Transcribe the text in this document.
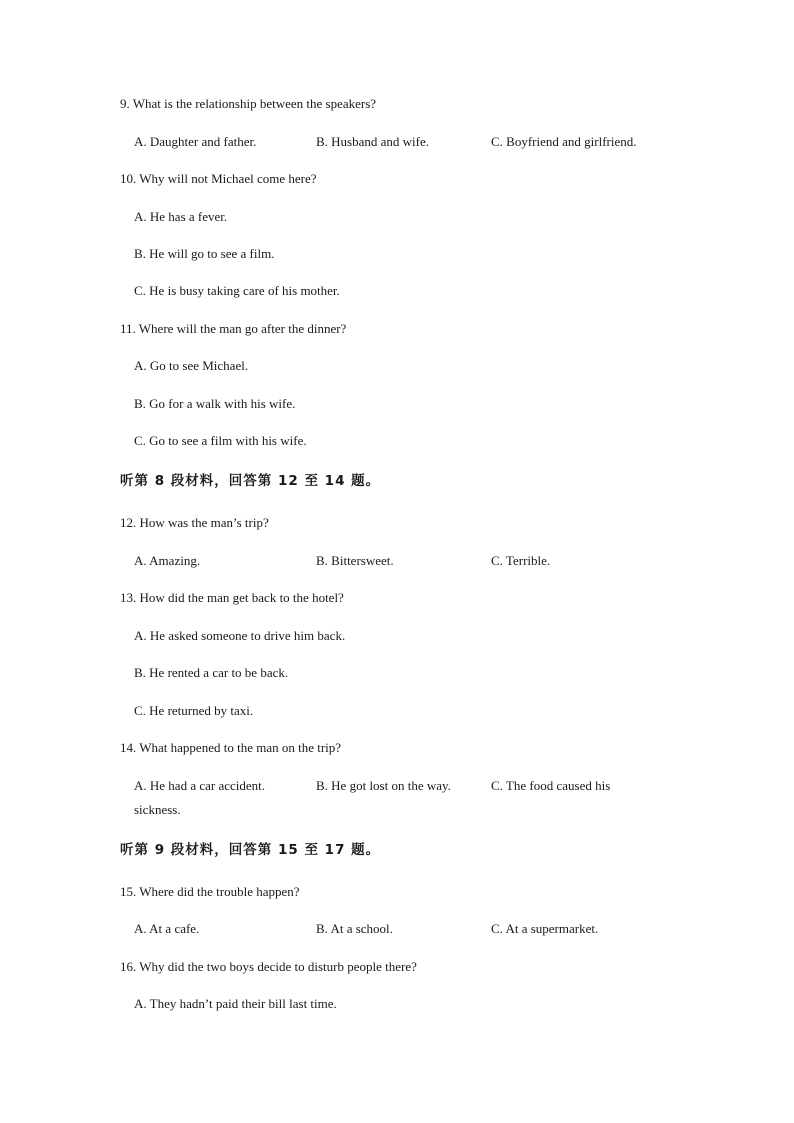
9. What is the relationship between the speakers?
A. Daughter and father.	B. Husband and wife.	C. Boyfriend and girlfriend.
10. Why will not Michael come here?
A. He has a fever.
B. He will go to see a film.
C. He is busy taking care of his mother.
11. Where will the man go after the dinner?
A. Go to see Michael.
B. Go for a walk with his wife.
C. Go to see a film with his wife.
听第 8 段材料，回答第 12 至 14 题。
12. How was the man’s trip?
A. Amazing.	B. Bittersweet.	C. Terrible.
13. How did the man get back to the hotel?
A. He asked someone to drive him back.
B. He rented a car to be back.
C. He returned by taxi.
14. What happened to the man on the trip?
A. He had a car accident.	B. He got lost on the way.	C. The food caused his
sickness.
听第 9 段材料，回答第 15 至 17 题。
15. Where did the trouble happen?
A. At a cafe.	B. At a school.	C. At a supermarket.
16. Why did the two boys decide to disturb people there?
A. They hadn’t paid their bill last time.
